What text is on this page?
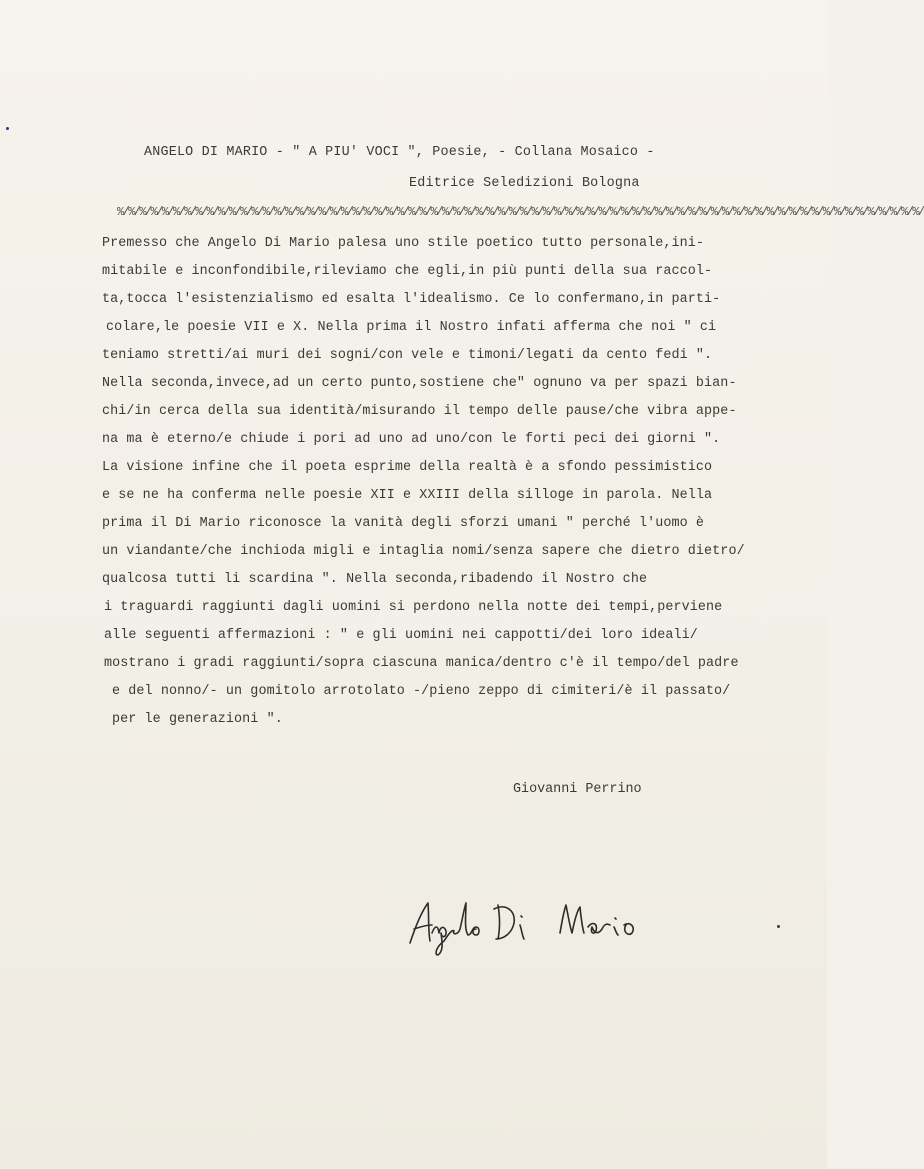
ANGELO DI MARIO - " A PIU' VOCI ", Poesie, - Collana Mosaico -
Editrice Seledizioni Bologna
%/%/%/%/%/%/%/%/%/%/%/%/%/%/%/%/%/%/%/%/%/%/%/%/%/%/%/%/%/%/%/%/%/%/%/%/%/%/%/%/%/%/%/%/%/%/%/%/%/%/%/%/%/%/%/%/%/%/%/%/%/%/%/%/%/%/%/%/%/%/%/%/
Premesso che Angelo Di Mario palesa uno stile poetico tutto personale,ini-
mitabile e inconfondibile,rileviamo che egli,in più punti della sua raccol-
ta,tocca l'esistenzialismo ed esalta l'idealismo. Ce lo confermano,in parti-
colare,le poesie VII e X. Nella prima il Nostro infati afferma che noi " ci
teniamo stretti/ai muri dei sogni/con vele e timoni/legati da cento fedi ".
Nella seconda,invece,ad un certo punto,sostiene che" ognuno va per spazi bian-
chi/in cerca della sua identità/misurando il tempo delle pause/che vibra appe-
na ma è eterno/e chiude i pori ad uno ad uno/con le forti peci dei giorni ".
La visione infine che il poeta esprime della realtà è a sfondo pessimistico
e se ne ha conferma nelle poesie XII e XXIII della silloge in parola. Nella
prima il Di Mario riconosce la vanità degli sforzi umani " perché l'uomo è
un viandante/che inchioda migli e intaglia nomi/senza sapere che dietro dietro/
qualcosa tutti li scardina ". Nella seconda,ribadendo il Nostro che
i traguardi raggiunti dagli uomini si perdono nella notte dei tempi,perviene
alle seguenti affermazioni : " e gli uomini nei cappotti/dei loro ideali/
mostrano i gradi raggiunti/sopra ciascuna manica/dentro c'è il tempo/del padre
e del nonno/- un gomitolo arrotolato -/pieno zeppo di cimiteri/è il passato/
per le generazioni ".
Giovanni Perrino
